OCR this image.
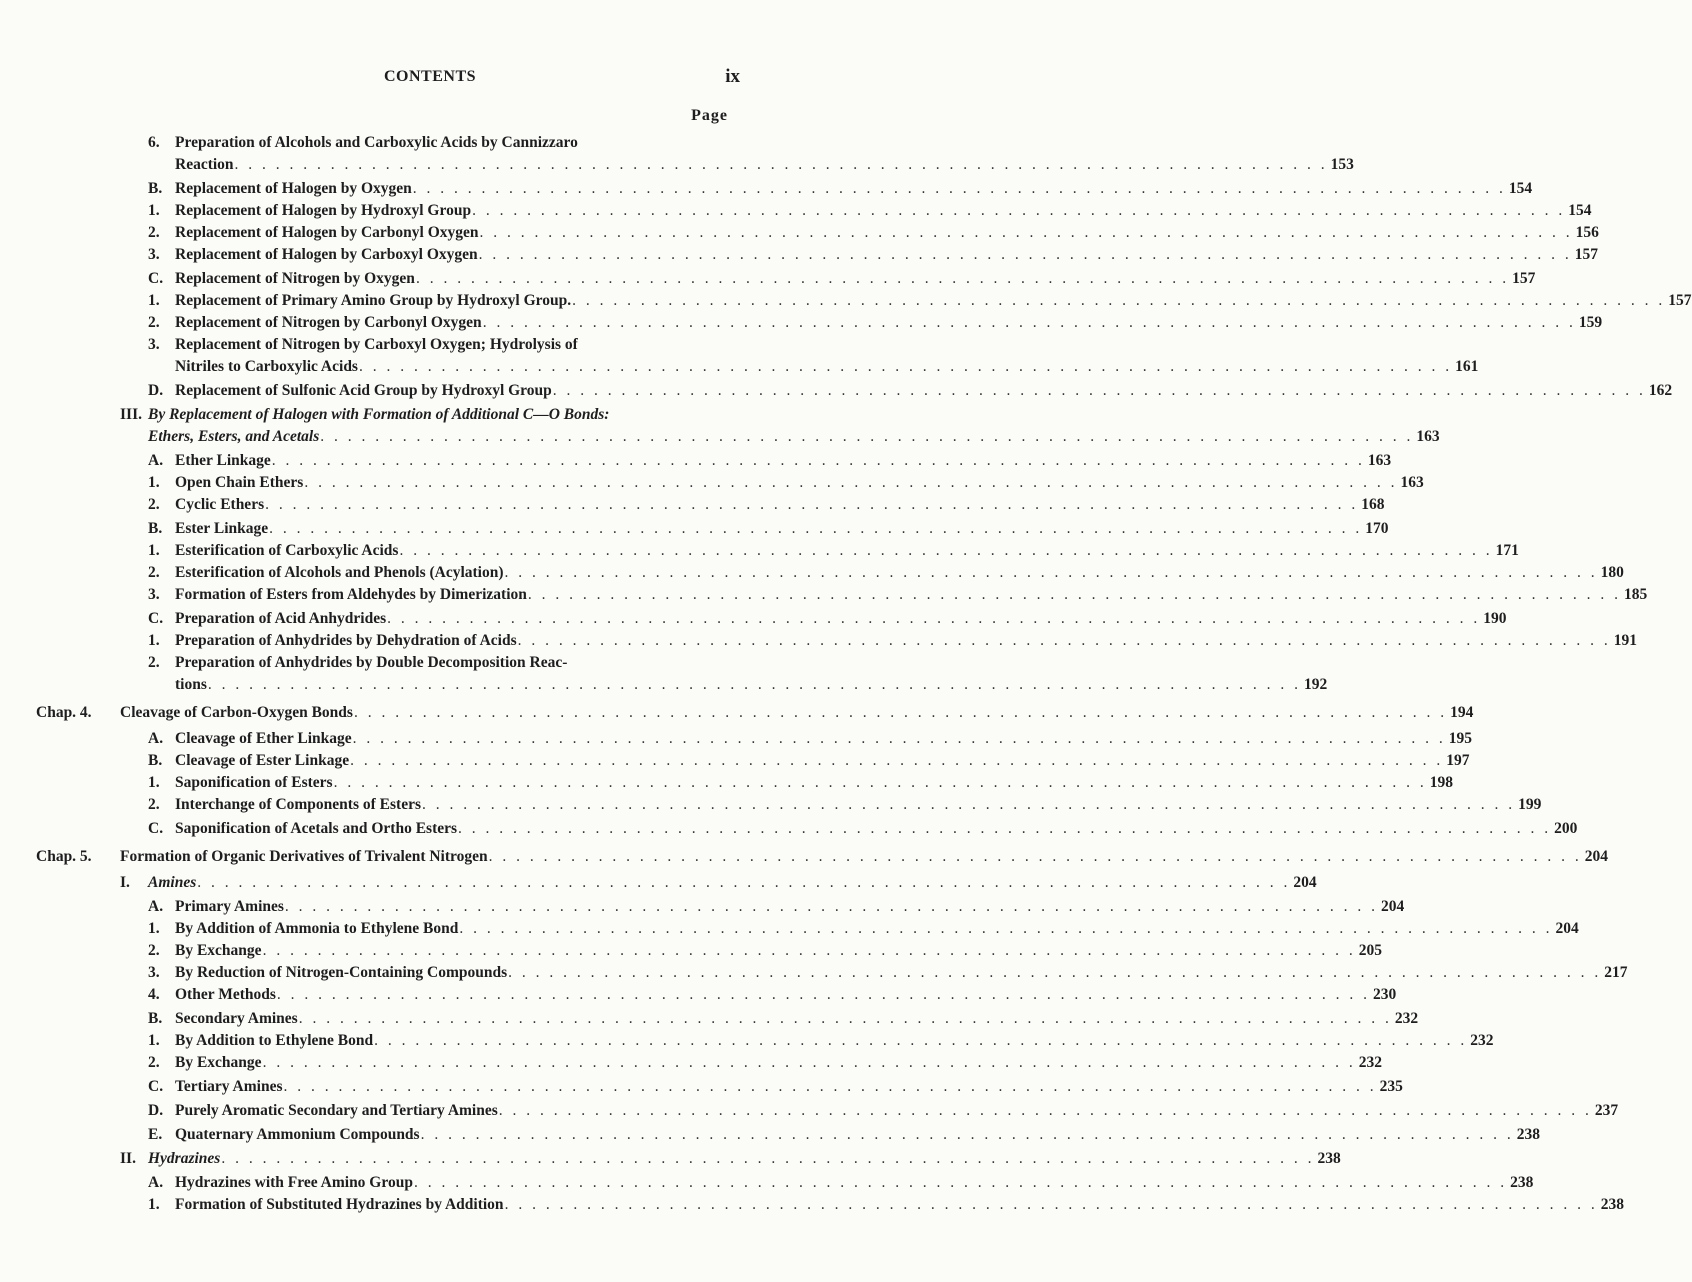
CONTENTS	ix
Page
6. Preparation of Alcohols and Carboxylic Acids by Cannizzaro
Reaction . . . . . . . . . . . . . . . . . . . . . . . . . . . . . . . . . . . . . . . . . . . . . . . . . . . . . . . . . . . . . . . . . . . . . . . . . . . . . . . . 153
B. Replacement of Halogen by Oxygen . . . . . . . . . . . . . . . . . . . . . . . . . . . . . . . . . . . . . . . . . . . . . . . . . . . . . . . . . . . . . . . . . . . . . . . . . . . . . . . . 154
1. Replacement of Halogen by Hydroxyl Group . . . . . . . . . . . . . . . . . . . . . . . . . . . . . . . . . . . . . . . . . . . . . . . . . . . . . . . . . . . . . . . . . . . . . . . . . . . . . . . . 154
2. Replacement of Halogen by Carbonyl Oxygen . . . . . . . . . . . . . . . . . . . . . . . . . . . . . . . . . . . . . . . . . . . . . . . . . . . . . . . . . . . . . . . . . . . . . . . . . . . . . . . . 156
3. Replacement of Halogen by Carboxyl Oxygen . . . . . . . . . . . . . . . . . . . . . . . . . . . . . . . . . . . . . . . . . . . . . . . . . . . . . . . . . . . . . . . . . . . . . . . . . . . . . . . . 157
C. Replacement of Nitrogen by Oxygen . . . . . . . . . . . . . . . . . . . . . . . . . . . . . . . . . . . . . . . . . . . . . . . . . . . . . . . . . . . . . . . . . . . . . . . . . . . . . . . . 157
1. Replacement of Primary Amino Group by Hydroxyl Group. . . . . . . . . . . . . . . . . . . . . . . . . . . . . . . . . . . . . . . . . . . . . . . . . . . . . . . . . . . . . . . . . . . . . . . . . . . . . . . . . 157
2. Replacement of Nitrogen by Carbonyl Oxygen . . . . . . . . . . . . . . . . . . . . . . . . . . . . . . . . . . . . . . . . . . . . . . . . . . . . . . . . . . . . . . . . . . . . . . . . . . . . . . . . 159
3. Replacement of Nitrogen by Carboxyl Oxygen; Hydrolysis of
Nitriles to Carboxylic Acids . . . . . . . . . . . . . . . . . . . . . . . . . . . . . . . . . . . . . . . . . . . . . . . . . . . . . . . . . . . . . . . . . . . . . . . . . . . . . . . . 161
D. Replacement of Sulfonic Acid Group by Hydroxyl Group . . . . . . . . . . . . . . . . . . . . . . . . . . . . . . . . . . . . . . . . . . . . . . . . . . . . . . . . . . . . . . . . . . . . . . . . . . . . . . . . 162
III. By Replacement of Halogen with Formation of Additional C—O Bonds:
Ethers, Esters, and Acetals . . . . . . . . . . . . . . . . . . . . . . . . . . . . . . . . . . . . . . . . . . . . . . . . . . . . . . . . . . . . . . . . . . . . . . . . . . . . . . . . 163
A. Ether Linkage . . . . . . . . . . . . . . . . . . . . . . . . . . . . . . . . . . . . . . . . . . . . . . . . . . . . . . . . . . . . . . . . . . . . . . . . . . . . . . . . 163
1. Open Chain Ethers . . . . . . . . . . . . . . . . . . . . . . . . . . . . . . . . . . . . . . . . . . . . . . . . . . . . . . . . . . . . . . . . . . . . . . . . . . . . . . . . 163
2. Cyclic Ethers . . . . . . . . . . . . . . . . . . . . . . . . . . . . . . . . . . . . . . . . . . . . . . . . . . . . . . . . . . . . . . . . . . . . . . . . . . . . . . . . 168
B. Ester Linkage . . . . . . . . . . . . . . . . . . . . . . . . . . . . . . . . . . . . . . . . . . . . . . . . . . . . . . . . . . . . . . . . . . . . . . . . . . . . . . . . 170
1. Esterification of Carboxylic Acids . . . . . . . . . . . . . . . . . . . . . . . . . . . . . . . . . . . . . . . . . . . . . . . . . . . . . . . . . . . . . . . . . . . . . . . . . . . . . . . . 171
2. Esterification of Alcohols and Phenols (Acylation) . . . . . . . . . . . . . . . . . . . . . . . . . . . . . . . . . . . . . . . . . . . . . . . . . . . . . . . . . . . . . . . . . . . . . . . . . . . . . . . . 180
3. Formation of Esters from Aldehydes by Dimerization . . . . . . . . . . . . . . . . . . . . . . . . . . . . . . . . . . . . . . . . . . . . . . . . . . . . . . . . . . . . . . . . . . . . . . . . . . . . . . . . 185
C. Preparation of Acid Anhydrides . . . . . . . . . . . . . . . . . . . . . . . . . . . . . . . . . . . . . . . . . . . . . . . . . . . . . . . . . . . . . . . . . . . . . . . . . . . . . . . . 190
1. Preparation of Anhydrides by Dehydration of Acids . . . . . . . . . . . . . . . . . . . . . . . . . . . . . . . . . . . . . . . . . . . . . . . . . . . . . . . . . . . . . . . . . . . . . . . . . . . . . . . . 191
2. Preparation of Anhydrides by Double Decomposition Reac-
tions . . . . . . . . . . . . . . . . . . . . . . . . . . . . . . . . . . . . . . . . . . . . . . . . . . . . . . . . . . . . . . . . . . . . . . . . . . . . . . . . 192
Chap. 4. Cleavage of Carbon-Oxygen Bonds . . . . . . . . . . . . . . . . . . . . . . . . . . . . . . . . . . . . . . . . . . . . . . . . . . . . . . . . . . . . . . . . . . . . . . . . . . . . . . . . 194
A. Cleavage of Ether Linkage . . . . . . . . . . . . . . . . . . . . . . . . . . . . . . . . . . . . . . . . . . . . . . . . . . . . . . . . . . . . . . . . . . . . . . . . . . . . . . . . 195
B. Cleavage of Ester Linkage . . . . . . . . . . . . . . . . . . . . . . . . . . . . . . . . . . . . . . . . . . . . . . . . . . . . . . . . . . . . . . . . . . . . . . . . . . . . . . . . 197
1. Saponification of Esters . . . . . . . . . . . . . . . . . . . . . . . . . . . . . . . . . . . . . . . . . . . . . . . . . . . . . . . . . . . . . . . . . . . . . . . . . . . . . . . . 198
2. Interchange of Components of Esters . . . . . . . . . . . . . . . . . . . . . . . . . . . . . . . . . . . . . . . . . . . . . . . . . . . . . . . . . . . . . . . . . . . . . . . . . . . . . . . . 199
C. Saponification of Acetals and Ortho Esters . . . . . . . . . . . . . . . . . . . . . . . . . . . . . . . . . . . . . . . . . . . . . . . . . . . . . . . . . . . . . . . . . . . . . . . . . . . . . . . . 200
Chap. 5. Formation of Organic Derivatives of Trivalent Nitrogen . . . . . . . . . . . . . . . . . . . . . . . . . . . . . . . . . . . . . . . . . . . . . . . . . . . . . . . . . . . . . . . . . . . . . . . . . . . . . . . . 204
I. Amines . . . . . . . . . . . . . . . . . . . . . . . . . . . . . . . . . . . . . . . . . . . . . . . . . . . . . . . . . . . . . . . . . . . . . . . . . . . . . . . . 204
A. Primary Amines . . . . . . . . . . . . . . . . . . . . . . . . . . . . . . . . . . . . . . . . . . . . . . . . . . . . . . . . . . . . . . . . . . . . . . . . . . . . . . . . 204
1. By Addition of Ammonia to Ethylene Bond . . . . . . . . . . . . . . . . . . . . . . . . . . . . . . . . . . . . . . . . . . . . . . . . . . . . . . . . . . . . . . . . . . . . . . . . . . . . . . . . 204
2. By Exchange . . . . . . . . . . . . . . . . . . . . . . . . . . . . . . . . . . . . . . . . . . . . . . . . . . . . . . . . . . . . . . . . . . . . . . . . . . . . . . . . 205
3. By Reduction of Nitrogen-Containing Compounds . . . . . . . . . . . . . . . . . . . . . . . . . . . . . . . . . . . . . . . . . . . . . . . . . . . . . . . . . . . . . . . . . . . . . . . . . . . . . . . . 217
4. Other Methods . . . . . . . . . . . . . . . . . . . . . . . . . . . . . . . . . . . . . . . . . . . . . . . . . . . . . . . . . . . . . . . . . . . . . . . . . . . . . . . . 230
B. Secondary Amines . . . . . . . . . . . . . . . . . . . . . . . . . . . . . . . . . . . . . . . . . . . . . . . . . . . . . . . . . . . . . . . . . . . . . . . . . . . . . . . . 232
1. By Addition to Ethylene Bond . . . . . . . . . . . . . . . . . . . . . . . . . . . . . . . . . . . . . . . . . . . . . . . . . . . . . . . . . . . . . . . . . . . . . . . . . . . . . . . . 232
2. By Exchange . . . . . . . . . . . . . . . . . . . . . . . . . . . . . . . . . . . . . . . . . . . . . . . . . . . . . . . . . . . . . . . . . . . . . . . . . . . . . . . . 232
C. Tertiary Amines . . . . . . . . . . . . . . . . . . . . . . . . . . . . . . . . . . . . . . . . . . . . . . . . . . . . . . . . . . . . . . . . . . . . . . . . . . . . . . . . 235
D. Purely Aromatic Secondary and Tertiary Amines . . . . . . . . . . . . . . . . . . . . . . . . . . . . . . . . . . . . . . . . . . . . . . . . . . . . . . . . . . . . . . . . . . . . . . . . . . . . . . . . 237
E. Quaternary Ammonium Compounds . . . . . . . . . . . . . . . . . . . . . . . . . . . . . . . . . . . . . . . . . . . . . . . . . . . . . . . . . . . . . . . . . . . . . . . . . . . . . . . . 238
II. Hydrazines . . . . . . . . . . . . . . . . . . . . . . . . . . . . . . . . . . . . . . . . . . . . . . . . . . . . . . . . . . . . . . . . . . . . . . . . . . . . . . . . 238
A. Hydrazines with Free Amino Group . . . . . . . . . . . . . . . . . . . . . . . . . . . . . . . . . . . . . . . . . . . . . . . . . . . . . . . . . . . . . . . . . . . . . . . . . . . . . . . . 238
1. Formation of Substituted Hydrazines by Addition . . . . . . . . . . . . . . . . . . . . . . . . . . . . . . . . . . . . . . . . . . . . . . . . . . . . . . . . . . . . . . . . . . . . . . . . . . . . . . . . 238
